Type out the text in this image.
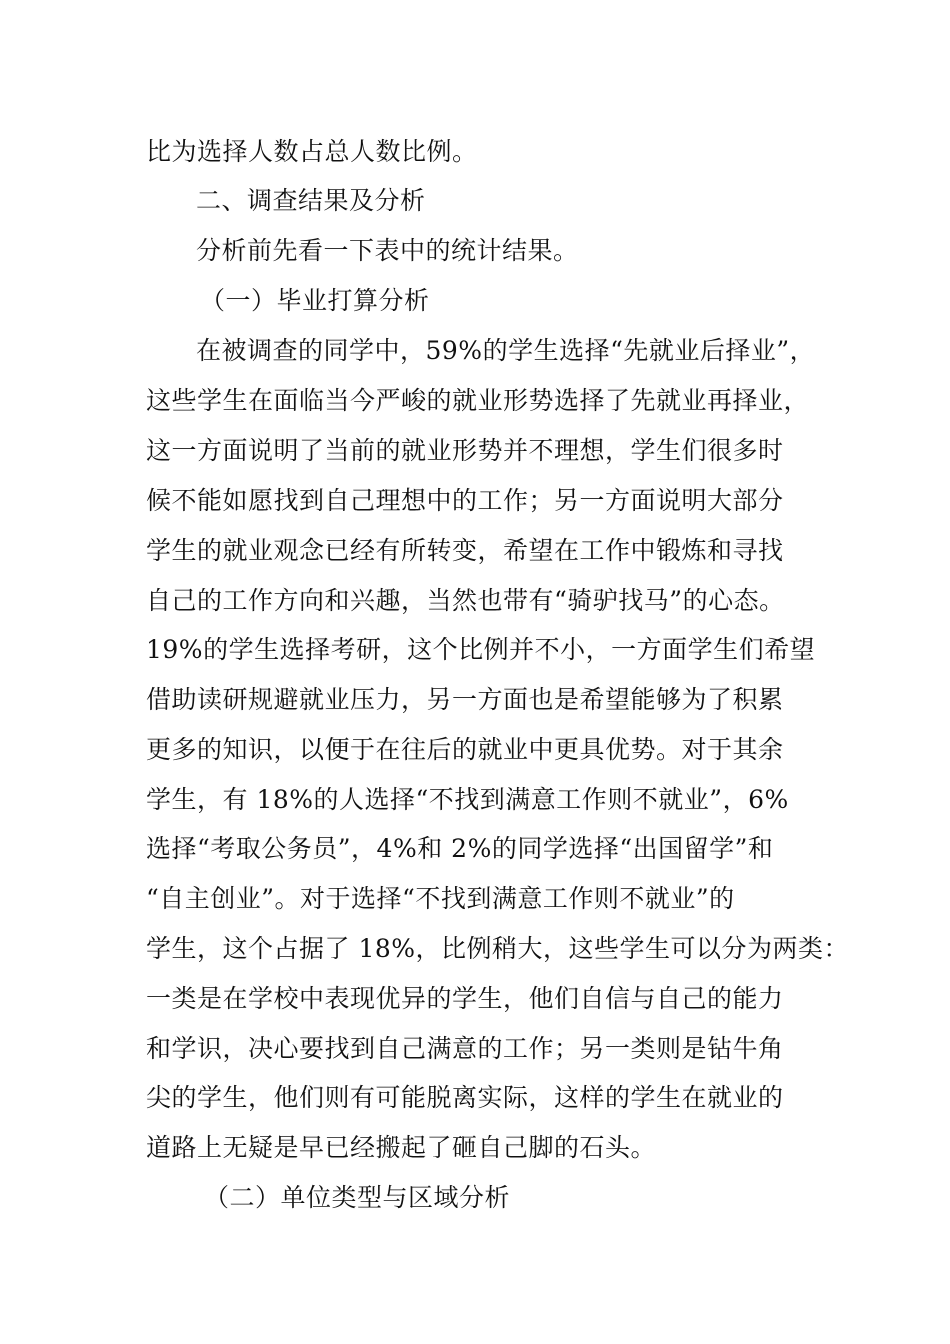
比为选择人数占总人数比例。
二、调查结果及分析
分析前先看一下表中的统计结果。
（一）毕业打算分析
在被调查的同学中，59%的学生选择“先就业后择业”，
这些学生在面临当今严峻的就业形势选择了先就业再择业，
这一方面说明了当前的就业形势并不理想，学生们很多时
候不能如愿找到自己理想中的工作；另一方面说明大部分
学生的就业观念已经有所转变，希望在工作中锻炼和寻找
自己的工作方向和兴趣，当然也带有“骑驴找马”的心态。
19%的学生选择考研，这个比例并不小，一方面学生们希望
借助读研规避就业压力，另一方面也是希望能够为了积累
更多的知识，以便于在往后的就业中更具优势。对于其余
学生，有 18%的人选择“不找到满意工作则不就业”，6%
选择“考取公务员”，4%和 2%的同学选择“出国留学”和
“自主创业”。对于选择“不找到满意工作则不就业”的
学生，这个占据了 18%，比例稍大，这些学生可以分为两类：
一类是在学校中表现优异的学生，他们自信与自己的能力
和学识，决心要找到自己满意的工作；另一类则是钻牛角
尖的学生，他们则有可能脱离实际，这样的学生在就业的
道路上无疑是早已经搬起了砸自己脚的石头。
（二）单位类型与区域分析
